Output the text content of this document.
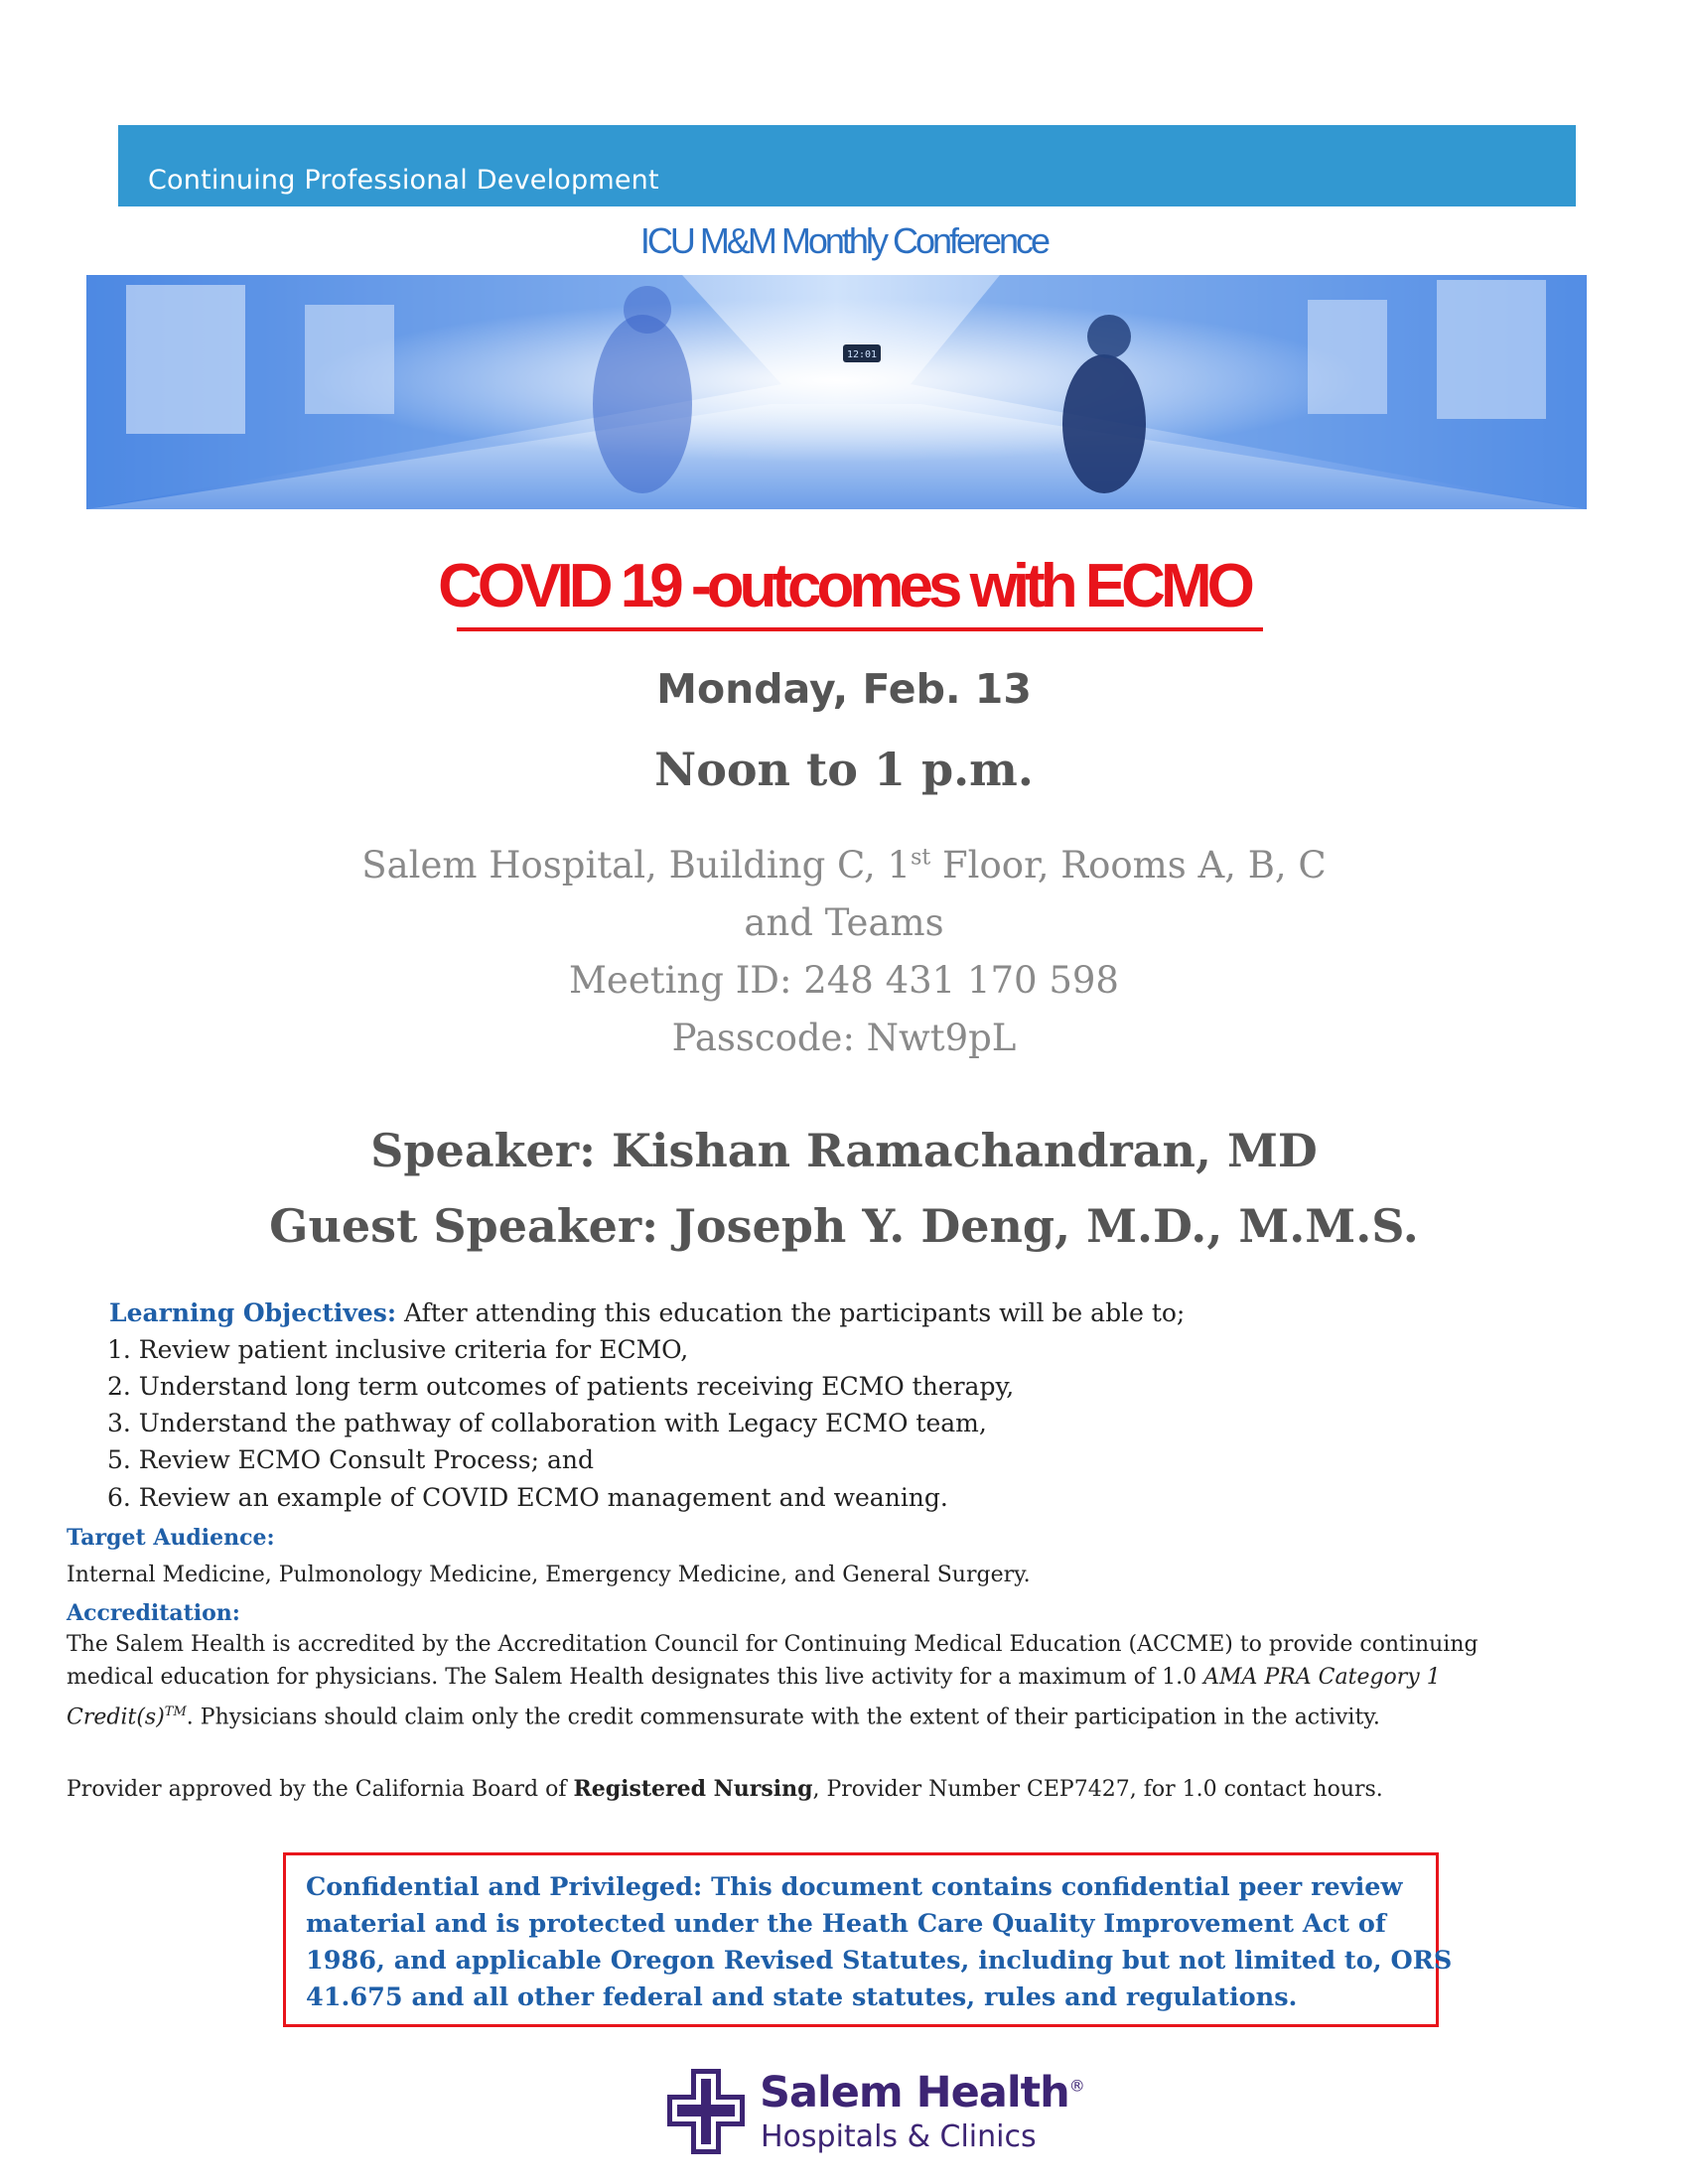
Continuing Professional Development
ICU M&M Monthly Conference
12:01
COVID 19 -outcomes with ECMO
Monday, Feb. 13
Noon to 1 p.m.
Salem Hospital, Building C, 1st Floor, Rooms A, B, C
and Teams
Meeting ID: 248 431 170 598
Passcode: Nwt9pL
Speaker: Kishan Ramachandran, MD
Guest Speaker: Joseph Y. Deng, M.D., M.M.S.
Learning Objectives: After attending this education the participants will be able to;
1. Review patient inclusive criteria for ECMO,
2. Understand long term outcomes of patients receiving ECMO therapy,
3. Understand the pathway of collaboration with Legacy ECMO team,
5. Review ECMO Consult Process; and
6. Review an example of COVID ECMO management and weaning.
Target Audience:
Internal Medicine, Pulmonology Medicine, Emergency Medicine, and General Surgery.
Accreditation:
The Salem Health is accredited by the Accreditation Council for Continuing Medical Education (ACCME) to provide continuing
medical education for physicians. The Salem Health designates this live activity for a maximum of 1.0 AMA PRA Category 1
Credit(s)™. Physicians should claim only the credit commensurate with the extent of their participation in the activity.
Provider approved by the California Board of Registered Nursing, Provider Number CEP7427, for 1.0 contact hours.
Confidential and Privileged: This document contains confidential peer review
material and is protected under the Heath Care Quality Improvement Act of
1986, and applicable Oregon Revised Statutes, including but not limited to, ORS
41.675 and all other federal and state statutes, rules and regulations.
Salem Health®
Hospitals & Clinics
